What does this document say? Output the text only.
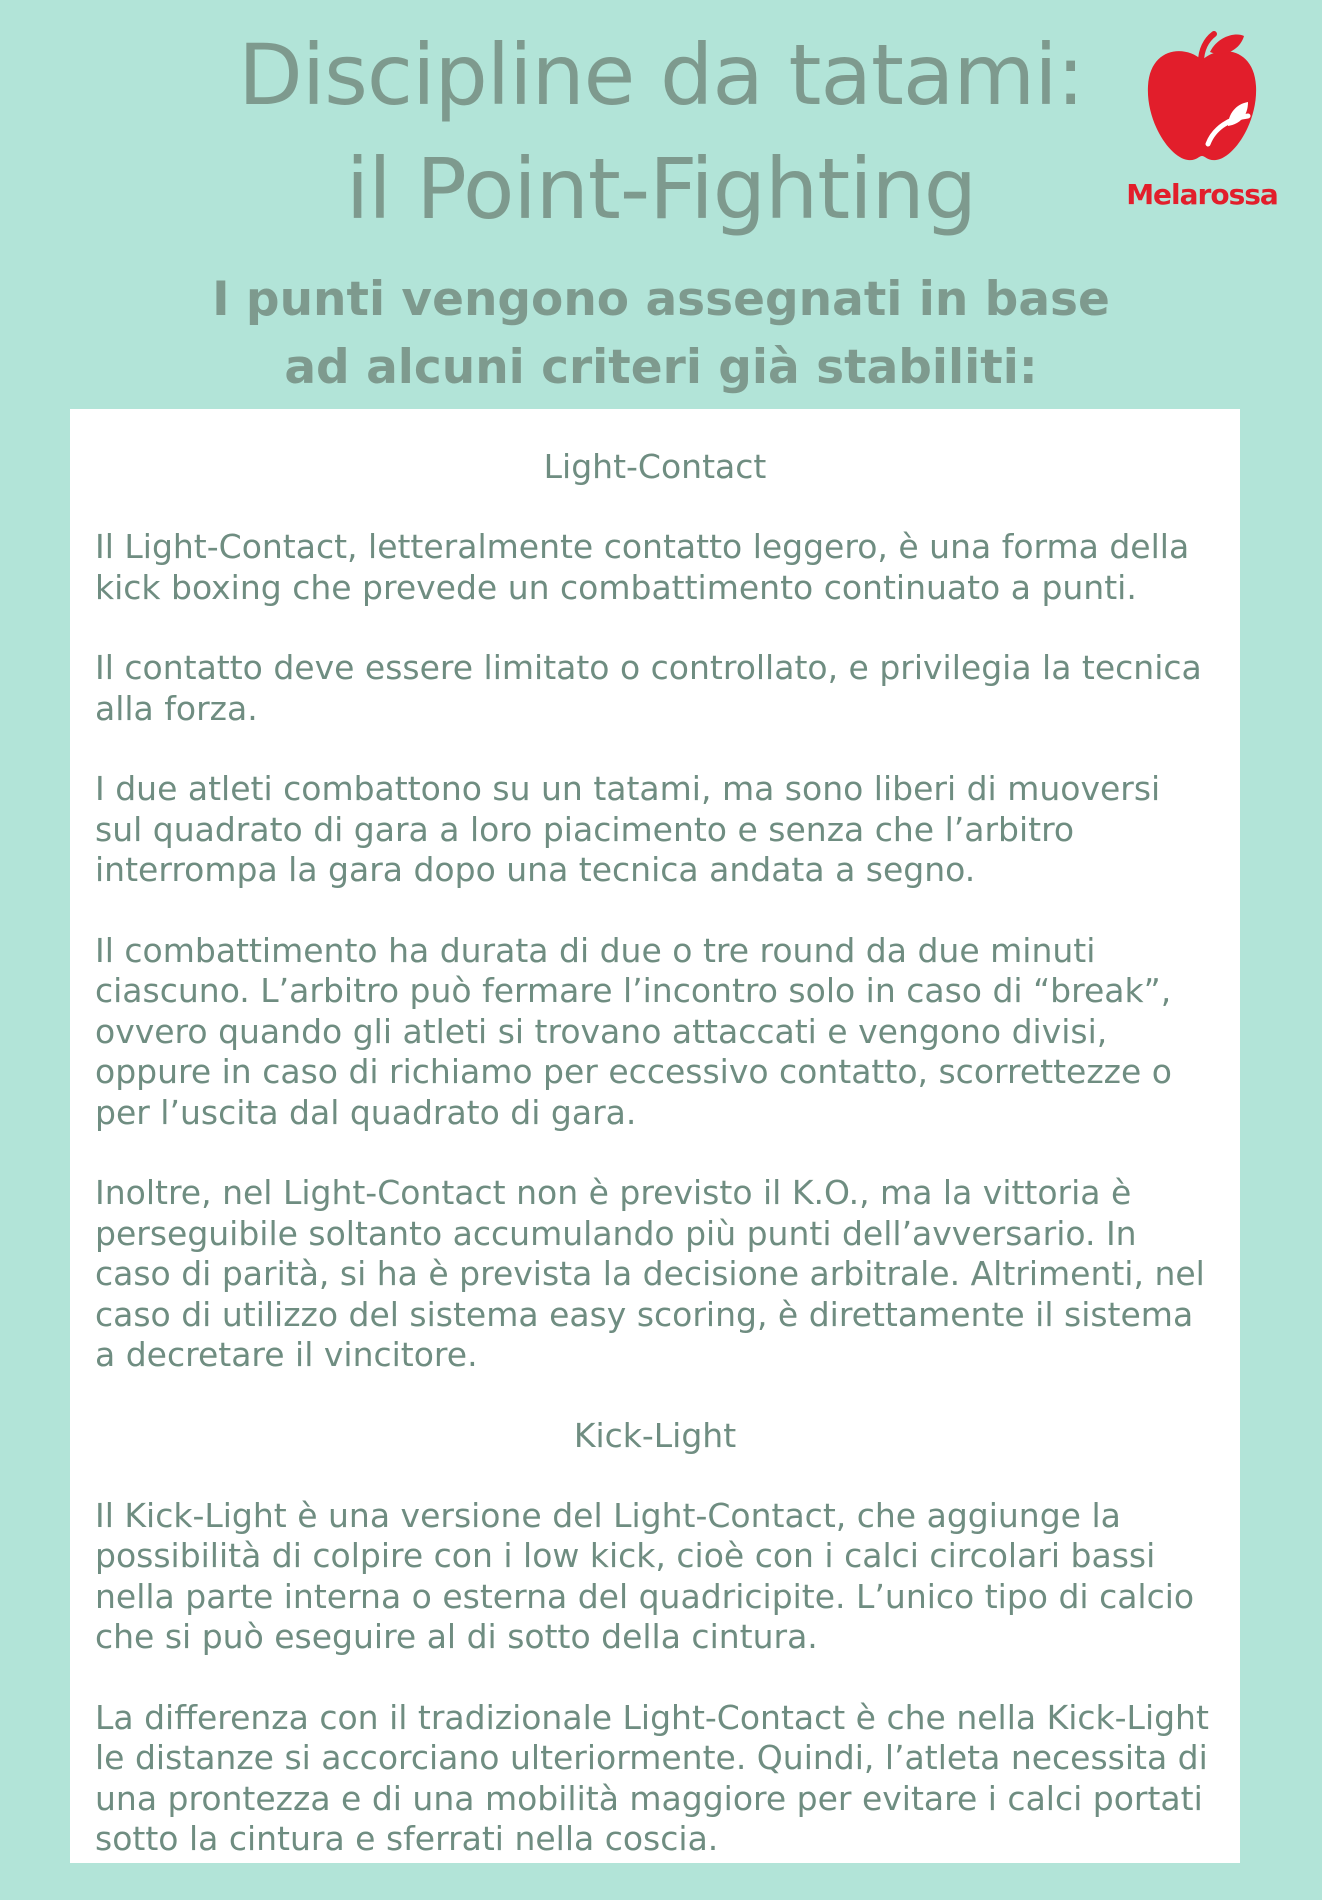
Discipline da tatami:
il Point-Fighting	Melarossa
I punti vengono assegnati in base
ad alcuni criteri già stabiliti:
Light-Contact

Il Light-Contact, letteralmente contatto leggero, è una forma della kick boxing che prevede un combattimento continuato a punti.

Il contatto deve essere limitato o controllato, e privilegia la tecnica alla forza.

I due atleti combattono su un tatami, ma sono liberi di muoversi sul quadrato di gara a loro piacimento e senza che l’arbitro interrompa la gara dopo una tecnica andata a segno.

Il combattimento ha durata di due o tre round da due minuti ciascuno. L’arbitro può fermare l’incontro solo in caso di “break”, ovvero quando gli atleti si trovano attaccati e vengono divisi, oppure in caso di richiamo per eccessivo contatto, scorrettezze o per l’uscita dal quadrato di gara.

Inoltre, nel Light-Contact non è previsto il K.O., ma la vittoria è perseguibile soltanto accumulando più punti dell’avversario. In caso di parità, si ha è prevista la decisione arbitrale. Altrimenti, nel caso di utilizzo del sistema easy scoring, è direttamente il sistema a decretare il vincitore.

Kick-Light

Il Kick-Light è una versione del Light-Contact, che aggiunge la possibilità di colpire con i low kick, cioè con i calci circolari bassi nella parte interna o esterna del quadricipite. L’unico tipo di calcio che si può eseguire al di sotto della cintura.

La differenza con il tradizionale Light-Contact è che nella Kick-Light le distanze si accorciano ulteriormente. Quindi, l’atleta necessita di una prontezza e di una mobilità maggiore per evitare i calci portati sotto la cintura e sferrati nella coscia.
